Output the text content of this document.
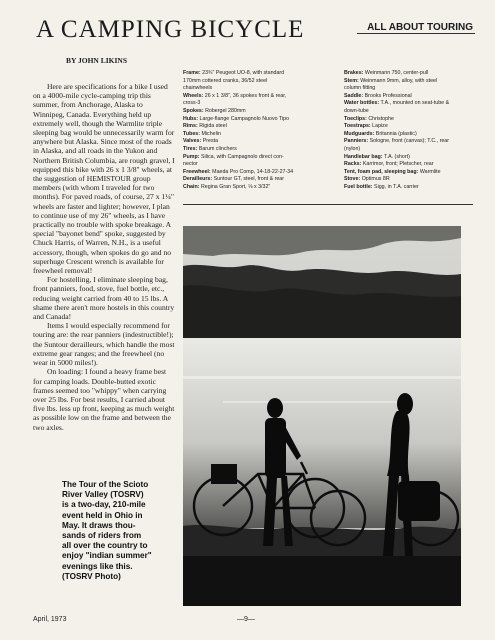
A CAMPING BICYCLE	ALL ABOUT TOURING
BY JOHN LIKINS

Here are specifications for a bike I used on a 4000-mile cycle-camping trip this summer, from Anchorage, Alaska to Winnipeg, Canada. Everything held up extremely well, though the Warmlite triple sleeping bag would be unnecessarily warm for anywhere but Alaska. Since most of the roads in Alaska, and all roads in the Yukon and Northern British Columbia, are rough gravel, I equipped this bike with 26 x 1 3/8" wheels, at the suggestion of HEMISTOUR group members (with whom I traveled for two months). For paved roads, of course, 27 x 1¼" wheels are faster and lighter; however, I plan to continue use of my 26" wheels, as I have practically no trouble with spoke breakage. A special "bayonet bend" spoke, suggested by Chuck Harris, of Warren, N.H., is a useful accessory, though, when spokes do go and no superhuge Crescent wrench is available for freewheel removal!

For hostelling, I eliminate sleeping bag, front panniers, food, stove, fuel bottle, etc., reducing weight carried from 40 to 15 lbs. A shame there aren't more hostels in this country and Canada!

Items I would especially recommend for touring are: the rear panniers (indestructible!); the Suntour derailleurs, which handle the most extreme gear ranges; and the freewheel (no wear in 5000 miles!).

On loading: I found a heavy frame best for camping loads. Double-butted exotic frames seemed too "whippy" when carrying over 25 lbs. For best results, I carried about five lbs. less up front, keeping as much weight as possible low on the frame and between the two axles.

Frame: 23¾" Peugeot UO-8, with standard
170mm cottered cranks, 36/52 steel
chainwheels
Wheels: 26 x 1 3/8", 36 spokes front & rear,
cross-3
Spokes: Robergel 280mm
Hubs: Large-flange Campagnolo Nuovo Tipo
Rims: Rigida steel
Tubes: Michelin
Valves: Presta
Tires: Barum clinchers
Pump: Silica, with Campagnolo direct con-
nector
Freewheel: Maeda Pro Comp, 14-18-22-27-34
Derailleurs: Suntour GT, steel, front & rear
Chain: Regina Gran Sport, ⅛ x 3/32"
Brakes: Weinmann 750, center-pull
Stem: Weinmann 9mm, alloy, with steel
column fitting
Saddle: Brooks Professional
Water bottles: T.A., mounted on seat-tube &
down-tube
Toeclips: Christophe
Toestraps: Lapize
Mudguards: Britannia (plastic)
Panniers: Sologne, front (canvas); T.C., rear
(nylon)
Handlebar bag: T.A. (short)
Racks: Karrimor, front; Pletscher, rear
Tent, foam pad, sleeping bag: Warmlite
Stove: Optimus 8R
Fuel bottle: Sigg, in T.A. carrier
The Tour of the Scioto
River Valley (TOSRV)
is a two-day, 210-mile
event held in Ohio in
May. It draws thou-
sands of riders from
all over the country to
enjoy "indian summer"
evenings like this.
(TOSRV Photo)
April, 1973	—9—
